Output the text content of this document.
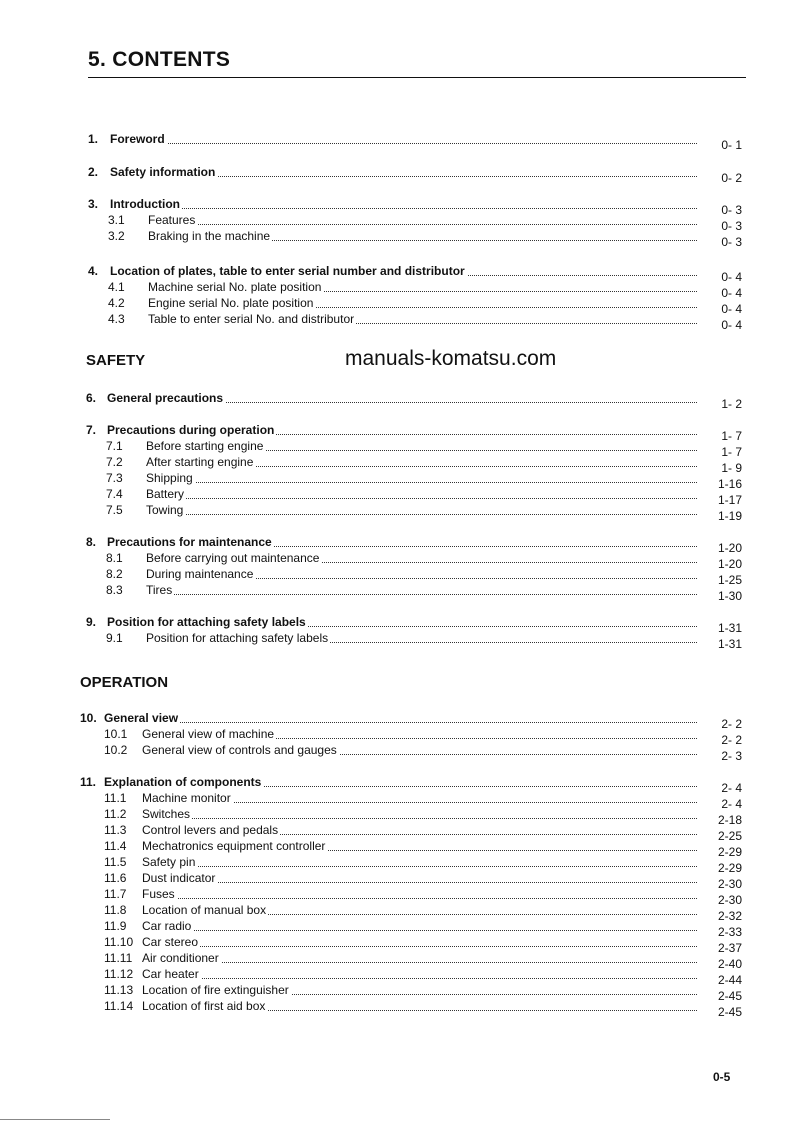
5. CONTENTS
manuals-komatsu.com
1. Foreword	0- 1
2. Safety information	0- 2
3. Introduction	0- 3
3.1 Features	0- 3
3.2 Braking in the machine	0- 3
4. Location of plates, table to enter serial number and distributor	0- 4
4.1 Machine serial No. plate position	0- 4
4.2 Engine serial No. plate position	0- 4
4.3 Table to enter serial No. and distributor	0- 4
SAFETY
6. General precautions	1- 2
7. Precautions during operation	1- 7
7.1 Before starting engine	1- 7
7.2 After starting engine	1- 9
7.3 Shipping	1-16
7.4 Battery	1-17
7.5 Towing	1-19
8. Precautions for maintenance	1-20
8.1 Before carrying out maintenance	1-20
8.2 During maintenance	1-25
8.3 Tires	1-30
9. Position for attaching safety labels	1-31
9.1 Position for attaching safety labels	1-31
OPERATION
10. General view	2- 2
10.1 General view of machine	2- 2
10.2 General view of controls and gauges	2- 3
11. Explanation of components	2- 4
11.1 Machine monitor	2- 4
11.2 Switches	2-18
11.3 Control levers and pedals	2-25
11.4 Mechatronics equipment controller	2-29
11.5 Safety pin	2-29
11.6 Dust indicator	2-30
11.7 Fuses	2-30
11.8 Location of manual box	2-32
11.9 Car radio	2-33
11.10 Car stereo	2-37
11.11 Air conditioner	2-40
11.12 Car heater	2-44
11.13 Location of fire extinguisher	2-45
11.14 Location of first aid box	2-45
0-5
